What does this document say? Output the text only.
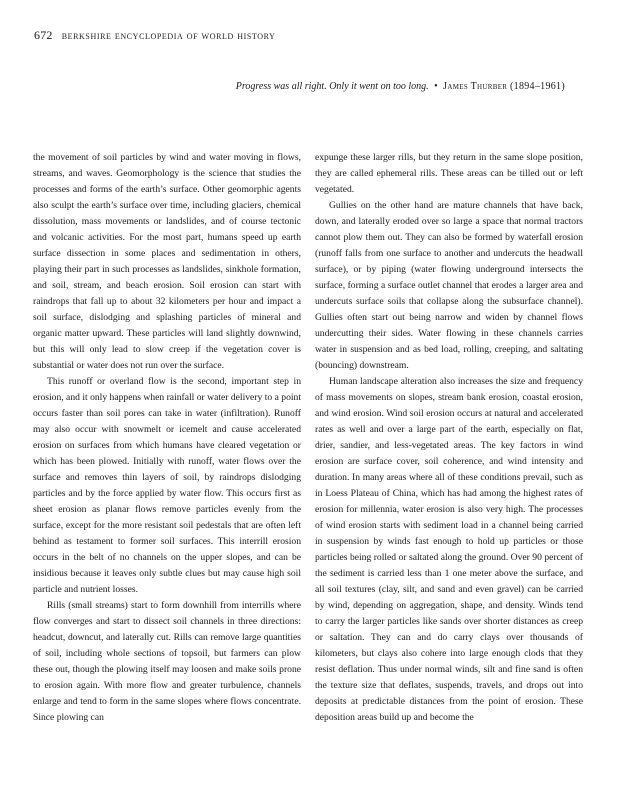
672 berkshire encyclopedia of world history
Progress was all right. Only it went on too long. • James Thurber (1894–1961)

the movement of soil particles by wind and water moving in flows, streams, and waves. Geomorphology is the science that studies the processes and forms of the earth’s surface. Other geomorphic agents also sculpt the earth’s surface over time, including glaciers, chemical dissolution, mass movements or landslides, and of course tectonic and volcanic activities. For the most part, humans speed up earth surface dissection in some places and sedimentation in others, playing their part in such processes as landslides, sinkhole formation, and soil, stream, and beach erosion. Soil erosion can start with raindrops that fall up to about 32 kilometers per hour and impact a soil surface, dislodging and splashing particles of mineral and organic matter upward. These particles will land slightly downwind, but this will only lead to slow creep if the vegetation cover is substantial or water does not run over the surface.

This runoff or overland flow is the second, important step in erosion, and it only happens when rainfall or water delivery to a point occurs faster than soil pores can take in water (infiltration). Runoff may also occur with snowmelt or icemelt and cause accelerated erosion on surfaces from which humans have cleared vegetation or which has been plowed. Initially with runoff, water flows over the surface and removes thin layers of soil, by raindrops dislodging particles and by the force applied by water flow. This occurs first as sheet erosion as planar flows remove particles evenly from the surface, except for the more resistant soil pedestals that are often left behind as testament to former soil surfaces. This interrill erosion occurs in the belt of no channels on the upper slopes, and can be insidious because it leaves only subtle clues but may cause high soil particle and nutrient losses.

Rills (small streams) start to form downhill from interrills where flow converges and start to dissect soil channels in three directions: headcut, downcut, and laterally cut. Rills can remove large quantities of soil, including whole sections of topsoil, but farmers can plow these out, though the plowing itself may loosen and make soils prone to erosion again. With more flow and greater turbulence, channels enlarge and tend to form in the same slopes where flows concentrate. Since plowing can

expunge these larger rills, but they return in the same slope position, they are called ephemeral rills. These areas can be tilled out or left vegetated.

Gullies on the other hand are mature channels that have back, down, and laterally eroded over so large a space that normal tractors cannot plow them out. They can also be formed by waterfall erosion (runoff falls from one surface to another and undercuts the headwall surface), or by piping (water flowing underground intersects the surface, forming a surface outlet channel that erodes a larger area and undercuts surface soils that collapse along the subsurface channel). Gullies often start out being narrow and widen by channel flows undercutting their sides. Water flowing in these channels carries water in suspension and as bed load, rolling, creeping, and saltating (bouncing) downstream.

Human landscape alteration also increases the size and frequency of mass movements on slopes, stream bank erosion, coastal erosion, and wind erosion. Wind soil erosion occurs at natural and accelerated rates as well and over a large part of the earth, especially on flat, drier, sandier, and less-vegetated areas. The key factors in wind erosion are surface cover, soil coherence, and wind intensity and duration. In many areas where all of these conditions prevail, such as in Loess Plateau of China, which has had among the highest rates of erosion for millennia, water erosion is also very high. The processes of wind erosion starts with sediment load in a channel being carried in suspension by winds fast enough to hold up particles or those particles being rolled or saltated along the ground. Over 90 percent of the sediment is carried less than 1 one meter above the surface, and all soil textures (clay, silt, and sand and even gravel) can be carried by wind, depending on aggregation, shape, and density. Winds tend to carry the larger particles like sands over shorter distances as creep or saltation. They can and do carry clays over thousands of kilometers, but clays also cohere into large enough clods that they resist deflation. Thus under normal winds, silt and fine sand is often the texture size that deflates, suspends, travels, and drops out into deposits at predictable distances from the point of erosion. These deposition areas build up and become the
